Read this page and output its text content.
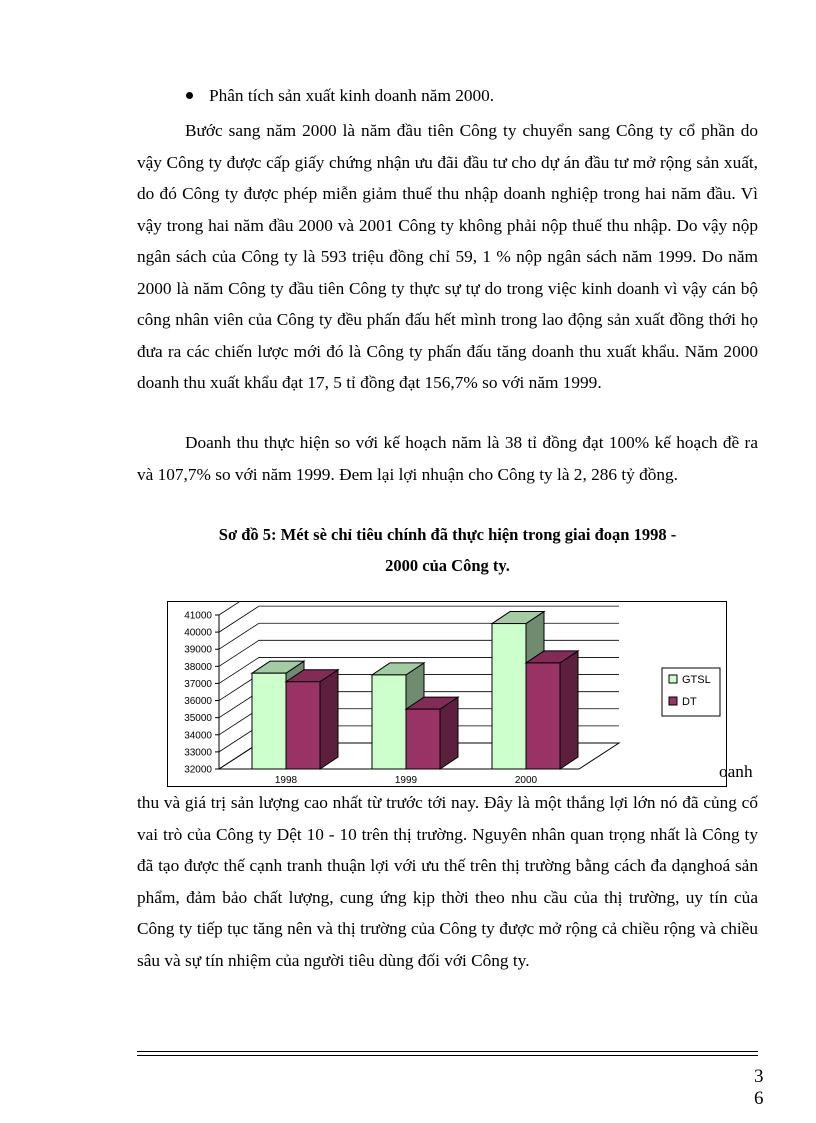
Phân tích sản xuất kinh doanh năm 2000.

Bước sang năm 2000 là năm đầu tiên Công ty chuyển sang Công ty cổ phần do vậy Công ty được cấp giấy chứng nhận ưu đãi đầu tư cho dự án đầu tư mở rộng sản xuất, do đó Công ty được phép miễn giảm thuế thu nhập doanh nghiệp trong hai năm đầu. Vì vậy trong hai năm đầu 2000 và 2001 Công ty không phải nộp thuế thu nhập. Do vậy nộp ngân sách của Công ty là 593 triệu đồng chỉ 59, 1 % nộp ngân sách năm 1999. Do năm 2000 là năm Công ty đầu tiên Công ty thực sự tự do trong việc kinh doanh vì vậy cán bộ công nhân viên của Công ty đều phấn đấu hết mình trong lao động sản xuất đồng thới họ đưa ra các chiến lược mới đó là Công ty phấn đấu tăng doanh thu xuất khẩu. Năm 2000 doanh thu xuất khẩu đạt 17, 5 tỉ đồng đạt 156,7% so với năm 1999.

Doanh thu thực hiện so với kế hoạch năm là 38 tỉ đồng đạt 100% kế hoạch đề ra và 107,7% so với năm 1999. Đem lại lợi nhuận cho Công ty là 2, 286 tỷ đồng.

Sơ đồ 5: Mét sè chỉ tiêu chính đã thực hiện trong giai đoạn 1998 -
2000 của Công ty.
32000
33000
34000
35000
36000
37000
38000
39000
40000
41000
1998	1999	2000
GTSL
DT
oanh

thu và giá trị sản lượng cao nhất từ trước tới nay. Đây là một thắng lợi lớn nó đã củng cố vai trò của Công ty Dệt 10 - 10 trên thị trường. Nguyên nhân quan trọng nhất là Công ty đã tạo được thế cạnh tranh thuận lợi với ưu thế trên thị trường bằng cách đa dạnghoá sản phẩm, đảm bảo chất lượng, cung ứng kịp thời theo nhu cầu của thị trường, uy tín của Công ty tiếp tục tăng nên và thị trường của Công ty được mở rộng cả chiều rộng và chiều sâu và sự tín nhiệm của người tiêu dùng đối với Công ty.

3
6
